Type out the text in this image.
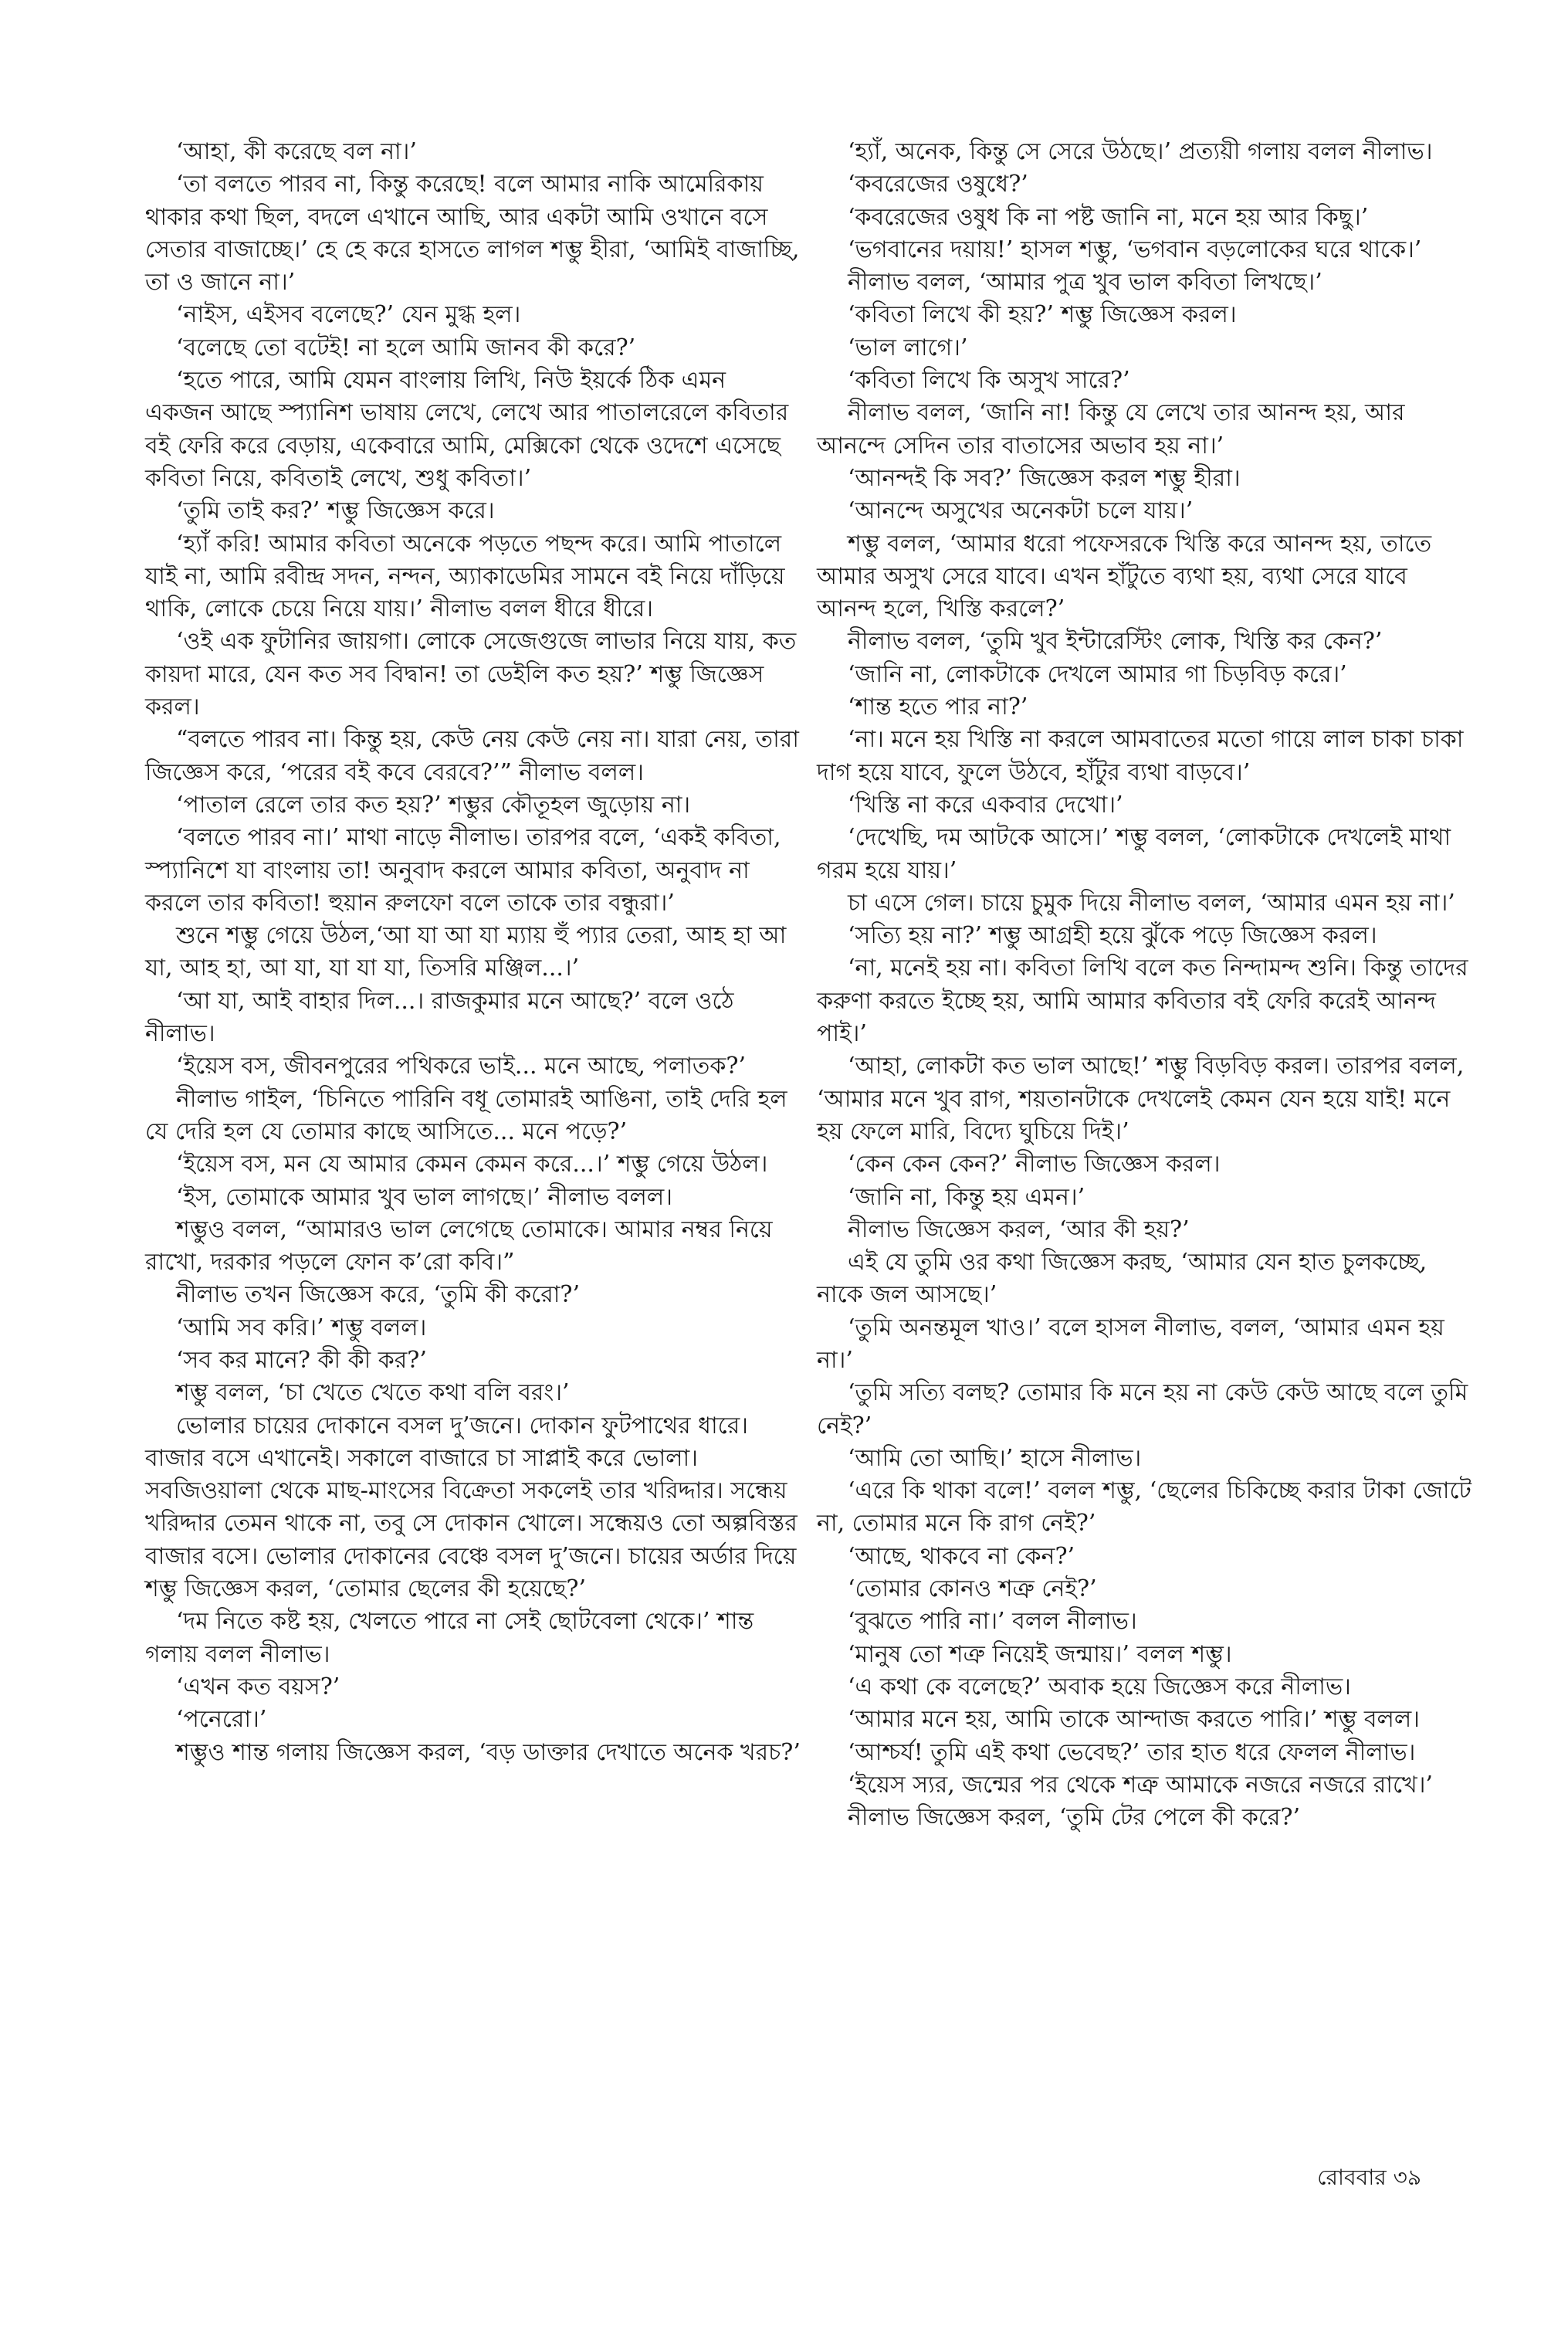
‘আহা, কী করেছে বল না।’

‘তা বলতে পারব না, কিন্তু করেছে! বলে আমার নাকি আমেরিকায় থাকার কথা ছিল, বদলে এখানে আছি, আর একটা আমি ওখানে বসে সেতার বাজাচ্ছে।’ হে হে করে হাসতে লাগল শম্ভু হীরা, ‘আমিই বাজাচ্ছি, তা ও জানে না।’

‘নাইস, এইসব বলেছে?’ যেন মুগ্ধ হল।

‘বলেছে তো বটেই! না হলে আমি জানব কী করে?’

‘হতে পারে, আমি যেমন বাংলায় লিখি, নিউ ইয়র্কে ঠিক এমন একজন আছে স্প্যানিশ ভাষায় লেখে, লেখে আর পাতালরেলে কবিতার বই ফেরি করে বেড়ায়, একেবারে আমি, মেক্সিকো থেকে ওদেশে এসেছে কবিতা নিয়ে, কবিতাই লেখে, শুধু কবিতা।’

‘তুমি তাই কর?’ শম্ভু জিজ্ঞেস করে।

‘হ্যাঁ করি! আমার কবিতা অনেকে পড়তে পছন্দ করে। আমি পাতালে যাই না, আমি রবীন্দ্র সদন, নন্দন, অ্যাকাডেমির সামনে বই নিয়ে দাঁড়িয়ে থাকি, লোকে চেয়ে নিয়ে যায়।’ নীলাভ বলল ধীরে ধীরে।

‘ওই এক ফুটানির জায়গা। লোকে সেজেগুজে লাভার নিয়ে যায়, কত কায়দা মারে, যেন কত সব বিদ্বান! তা ডেইলি কত হয়?’ শম্ভু জিজ্ঞেস করল।

“বলতে পারব না। কিন্তু হয়, কেউ নেয় কেউ নেয় না। যারা নেয়, তারা জিজ্ঞেস করে, ‘পরের বই কবে বেরবে?’” নীলাভ বলল।

‘পাতাল রেলে তার কত হয়?’ শম্ভুর কৌতূহল জুড়োয় না।

‘বলতে পারব না।’ মাথা নাড়ে নীলাভ। তারপর বলে, ‘একই কবিতা, স্প্যানিশে যা বাংলায় তা! অনুবাদ করলে আমার কবিতা, অনুবাদ না করলে তার কবিতা! হুয়ান রুলফো বলে তাকে তার বন্ধুরা।’

শুনে শম্ভু গেয়ে উঠল,‘আ যা আ যা ম্যায় হুঁ প্যার তেরা, আহ হা আ যা, আহ হা, আ যা, যা যা যা, তিসরি মঞ্জিল...।’

‘আ যা, আই বাহার দিল...। রাজকুমার মনে আছে?’ বলে ওঠে নীলাভ।

‘ইয়েস বস, জীবনপুরের পথিকরে ভাই... মনে আছে, পলাতক?’

নীলাভ গাইল, ‘চিনিতে পারিনি বধূ তোমারই আঙিনা, তাই দেরি হল যে দেরি হল যে তোমার কাছে আসিতে... মনে পড়ে?’

‘ইয়েস বস, মন যে আমার কেমন কেমন করে...।’ শম্ভু গেয়ে উঠল।

‘ইস, তোমাকে আমার খুব ভাল লাগছে।’ নীলাভ বলল।

শম্ভুও বলল, “আমারও ভাল লেগেছে তোমাকে। আমার নম্বর নিয়ে রাখো, দরকার পড়লে ফোন ক’রো কবি।”

নীলাভ তখন জিজ্ঞেস করে, ‘তুমি কী করো?’

‘আমি সব করি।’ শম্ভু বলল।

‘সব কর মানে? কী কী কর?’

শম্ভু বলল, ‘চা খেতে খেতে কথা বলি বরং।’

ভোলার চায়ের দোকানে বসল দু’জনে। দোকান ফুটপাথের ধারে। বাজার বসে এখানেই। সকালে বাজারে চা সাপ্লাই করে ভোলা। সবজিওয়ালা থেকে মাছ-মাংসের বিক্রেতা সকলেই তার খরিদ্দার। সন্ধেয় খরিদ্দার তেমন থাকে না, তবু সে দোকান খোলে। সন্ধেয়ও তো অল্পবিস্তর বাজার বসে। ভোলার দোকানের বেঞ্চে বসল দু’জনে। চায়ের অর্ডার দিয়ে শম্ভু জিজ্ঞেস করল, ‘তোমার ছেলের কী হয়েছে?’

‘দম নিতে কষ্ট হয়, খেলতে পারে না সেই ছোটবেলা থেকে।’ শান্ত গলায় বলল নীলাভ।

‘এখন কত বয়স?’

‘পনেরো।’

শম্ভুও শান্ত গলায় জিজ্ঞেস করল, ‘বড় ডাক্তার দেখাতে অনেক খরচ?’

‘হ্যাঁ, অনেক, কিন্তু সে সেরে উঠছে।’ প্রত্যয়ী গলায় বলল নীলাভ।

‘কবরেজের ওষুধে?’

‘কবরেজের ওষুধ কি না পষ্ট জানি না, মনে হয় আর কিছু।’

‘ভগবানের দয়ায়!’ হাসল শম্ভু, ‘ভগবান বড়লোকের ঘরে থাকে।’

নীলাভ বলল, ‘আমার পুত্র খুব ভাল কবিতা লিখছে।’

‘কবিতা লিখে কী হয়?’ শম্ভু জিজ্ঞেস করল।

‘ভাল লাগে।’

‘কবিতা লিখে কি অসুখ সারে?’

নীলাভ বলল, ‘জানি না! কিন্তু যে লেখে তার আনন্দ হয়, আর আনন্দে সেদিন তার বাতাসের অভাব হয় না।’

‘আনন্দই কি সব?’ জিজ্ঞেস করল শম্ভু হীরা।

‘আনন্দে অসুখের অনেকটা চলে যায়।’

শম্ভু বলল, ‘আমার ধরো পফেসরকে খিস্তি করে আনন্দ হয়, তাতে আমার অসুখ সেরে যাবে। এখন হাঁটুতে ব্যথা হয়, ব্যথা সেরে যাবে আনন্দ হলে, খিস্তি করলে?’

নীলাভ বলল, ‘তুমি খুব ইন্টারেস্টিং লোক, খিস্তি কর কেন?’

‘জানি না, লোকটাকে দেখলে আমার গা চিড়বিড় করে।’

‘শান্ত হতে পার না?’

‘না। মনে হয় খিস্তি না করলে আমবাতের মতো গায়ে লাল চাকা চাকা দাগ হয়ে যাবে, ফুলে উঠবে, হাঁটুর ব্যথা বাড়বে।’

‘খিস্তি না করে একবার দেখো।’

‘দেখেছি, দম আটকে আসে।’ শম্ভু বলল, ‘লোকটাকে দেখলেই মাথা গরম হয়ে যায়।’

চা এসে গেল। চায়ে চুমুক দিয়ে নীলাভ বলল, ‘আমার এমন হয় না।’

‘সত্যি হয় না?’ শম্ভু আগ্রহী হয়ে ঝুঁকে পড়ে জিজ্ঞেস করল।

‘না, মনেই হয় না। কবিতা লিখি বলে কত নিন্দামন্দ শুনি। কিন্তু তাদের করুণা করতে ইচ্ছে হয়, আমি আমার কবিতার বই ফেরি করেই আনন্দ পাই।’

‘আহা, লোকটা কত ভাল আছে!’ শম্ভু বিড়বিড় করল। তারপর বলল, ‘আমার মনে খুব রাগ, শয়তানটাকে দেখলেই কেমন যেন হয়ে যাই! মনে হয় ফেলে মারি, বিদ্যে ঘুচিয়ে দিই।’

‘কেন কেন কেন?’ নীলাভ জিজ্ঞেস করল।

‘জানি না, কিন্তু হয় এমন।’

নীলাভ জিজ্ঞেস করল, ‘আর কী হয়?’

এই যে তুমি ওর কথা জিজ্ঞেস করছ, ‘আমার যেন হাত চুলকচ্ছে, নাকে জল আসছে।’

‘তুমি অনন্তমূল খাও।’ বলে হাসল নীলাভ, বলল, ‘আমার এমন হয় না।’

‘তুমি সত্যি বলছ? তোমার কি মনে হয় না কেউ কেউ আছে বলে তুমি নেই?’

‘আমি তো আছি।’ হাসে নীলাভ।

‘এরে কি থাকা বলে!’ বলল শম্ভু, ‘ছেলের চিকিচ্ছে করার টাকা জোটে না, তোমার মনে কি রাগ নেই?’

‘আছে, থাকবে না কেন?’

‘তোমার কোনও শত্রু নেই?’

‘বুঝতে পারি না।’ বলল নীলাভ।

‘মানুষ তো শত্রু নিয়েই জন্মায়।’ বলল শম্ভু।

‘এ কথা কে বলেছে?’ অবাক হয়ে জিজ্ঞেস করে নীলাভ।

‘আমার মনে হয়, আমি তাকে আন্দাজ করতে পারি।’ শম্ভু বলল।

‘আশ্চর্য! তুমি এই কথা ভেবেছ?’ তার হাত ধরে ফেলল নীলাভ।

‘ইয়েস স্যর, জন্মের পর থেকে শত্রু আমাকে নজরে নজরে রাখে।’

নীলাভ জিজ্ঞেস করল, ‘তুমি টের পেলে কী করে?’

রোববার ৩৯
